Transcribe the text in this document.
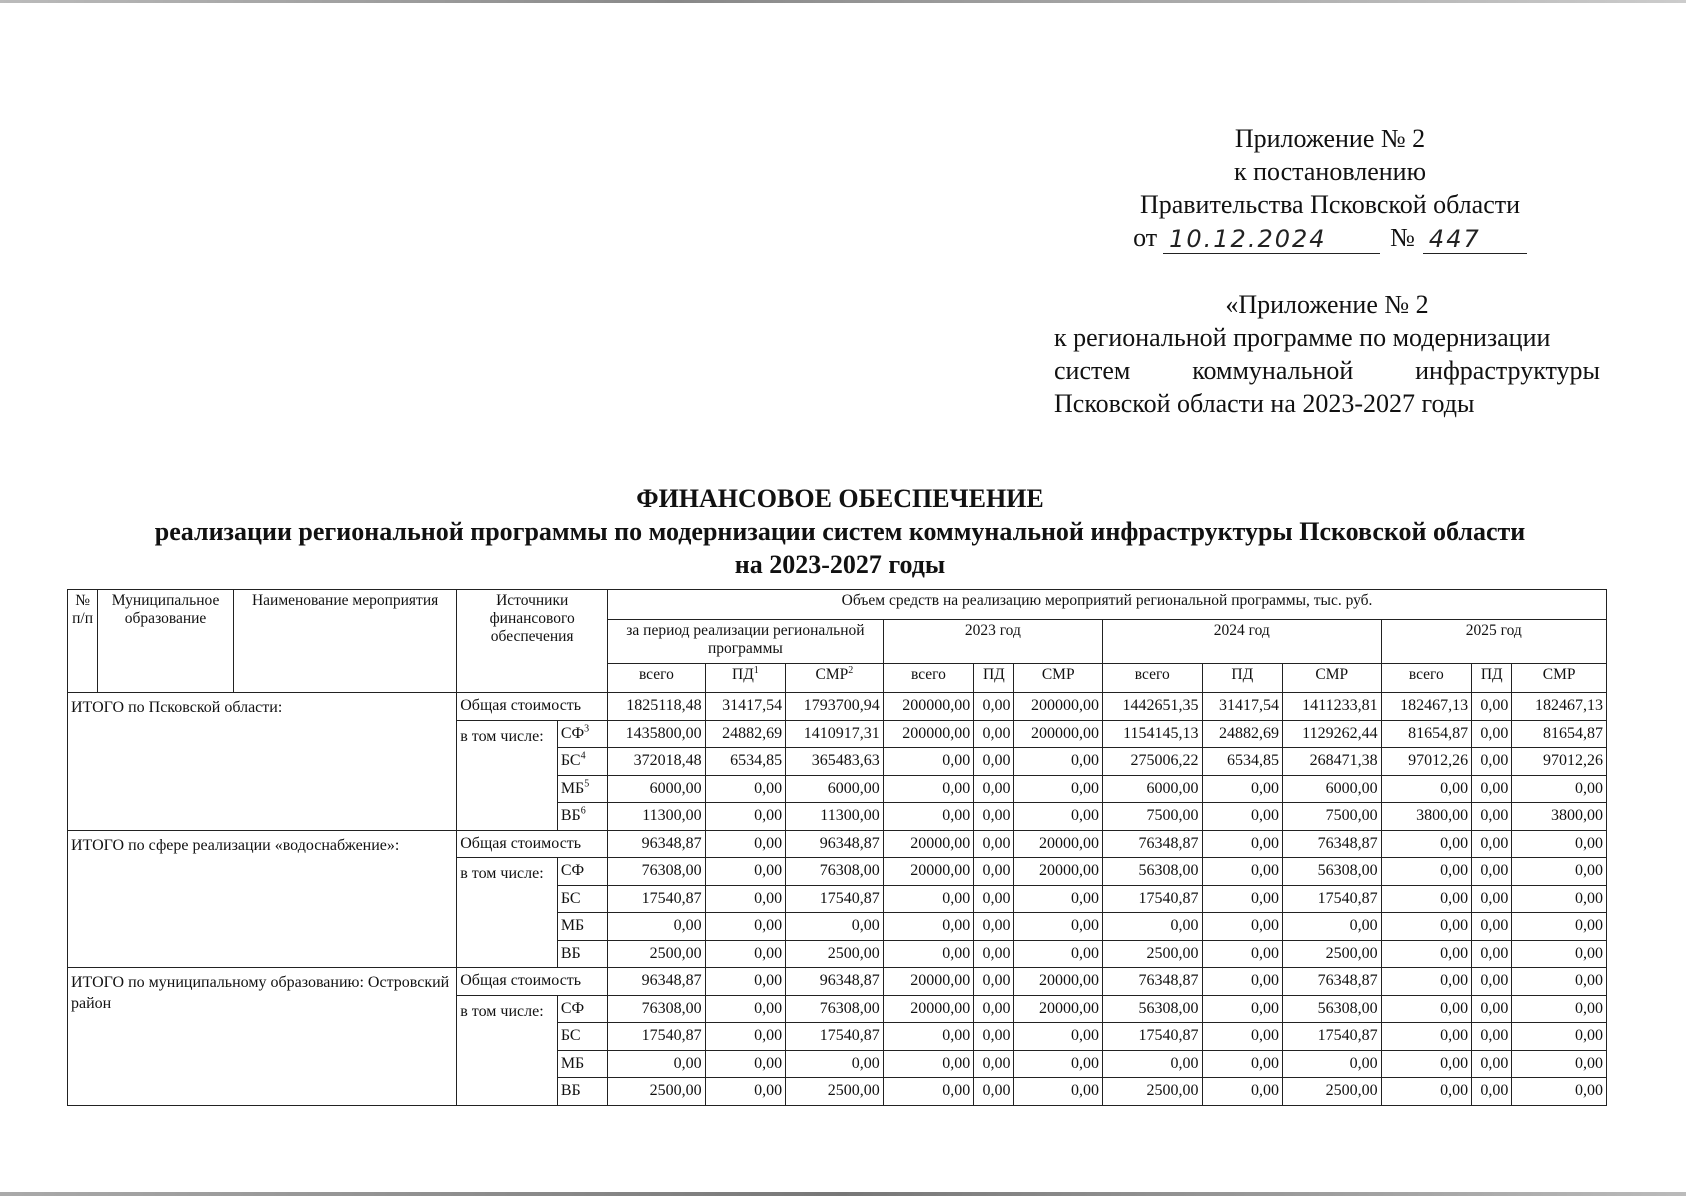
Приложение № 2
к постановлению
Правительства Псковской области
от 10.12.2024	№ 447
«Приложение № 2
к региональной программе по модернизации
систем коммунальной инфраструктуры
Псковской области на 2023-2027 годы
ФИНАНСОВОЕ ОБЕСПЕЧЕНИЕ
реализации региональной программы по модернизации систем коммунальной инфраструктуры Псковской области
на 2023-2027 годы
№ п/п	Муниципальное образование	Наименование мероприятия	Источники финансового обеспечения		Объем средств на реализацию мероприятий региональной программы, тыс. руб.											
					за период реализации региональной программы			2023 год			2024 год			2025 год		
					всего	$ПД^1$	СМР$^2$	всего	ПД	СМР	всего	ПД	СМР	всего	ПД	СМР
ИТОГО по Псковской области:			Общая стоимость		1825118,48	31417,54	1793700,94	200000,00	0,00	200000,00	1442651,35	31417,54	1411233,81	182467,13	0,00	182467,13
			в том числе:	$СФ^3$	1435800,00	24882,69	1410917,31	200000,00	0,00	200000,00	1154145,13	24882,69	1129262,44	81654,87	0,00	81654,87
				$БС^4$	372018,48	6534,85	365483,63	0,00	0,00	0,00	275006,22	6534,85	268471,38	97012,26	0,00	97012,26
				$МБ^5$	6000,00	0,00	6000,00	0,00	0,00	0,00	6000,00	0,00	6000,00	0,00	0,00	0,00
				$ВБ^6$	11300,00	0,00	11300,00	0,00	0,00	0,00	7500,00	0,00	7500,00	3800,00	0,00	3800,00
ИТОГО по сфере реализации «водоснабжение»:			Общая стоимость		96348,87	0,00	96348,87	20000,00	0,00	20000,00	76348,87	0,00	76348,87	0,00	0,00	0,00
			в том числе:	СФ	76308,00	0,00	76308,00	20000,00	0,00	20000,00	56308,00	0,00	56308,00	0,00	0,00	0,00
				БС	17540,87	0,00	17540,87	0,00	0,00	0,00	17540,87	0,00	17540,87	0,00	0,00	0,00
				МБ	0,00	0,00	0,00	0,00	0,00	0,00	0,00	0,00	0,00	0,00	0,00	0,00
				ВБ	2500,00	0,00	2500,00	0,00	0,00	0,00	2500,00	0,00	2500,00	0,00	0,00	0,00
ИТОГО по муниципальному образованию: Островский район			Общая стоимость		96348,87	0,00	96348,87	20000,00	0,00	20000,00	76348,87	0,00	76348,87	0,00	0,00	0,00
			в том числе:	СФ	76308,00	0,00	76308,00	20000,00	0,00	20000,00	56308,00	0,00	56308,00	0,00	0,00	0,00
				БС	17540,87	0,00	17540,87	0,00	0,00	0,00	17540,87	0,00	17540,87	0,00	0,00	0,00
				МБ	0,00	0,00	0,00	0,00	0,00	0,00	0,00	0,00	0,00	0,00	0,00	0,00
				ВБ	2500,00	0,00	2500,00	0,00	0,00	0,00	2500,00	0,00	2500,00	0,00	0,00	0,00
